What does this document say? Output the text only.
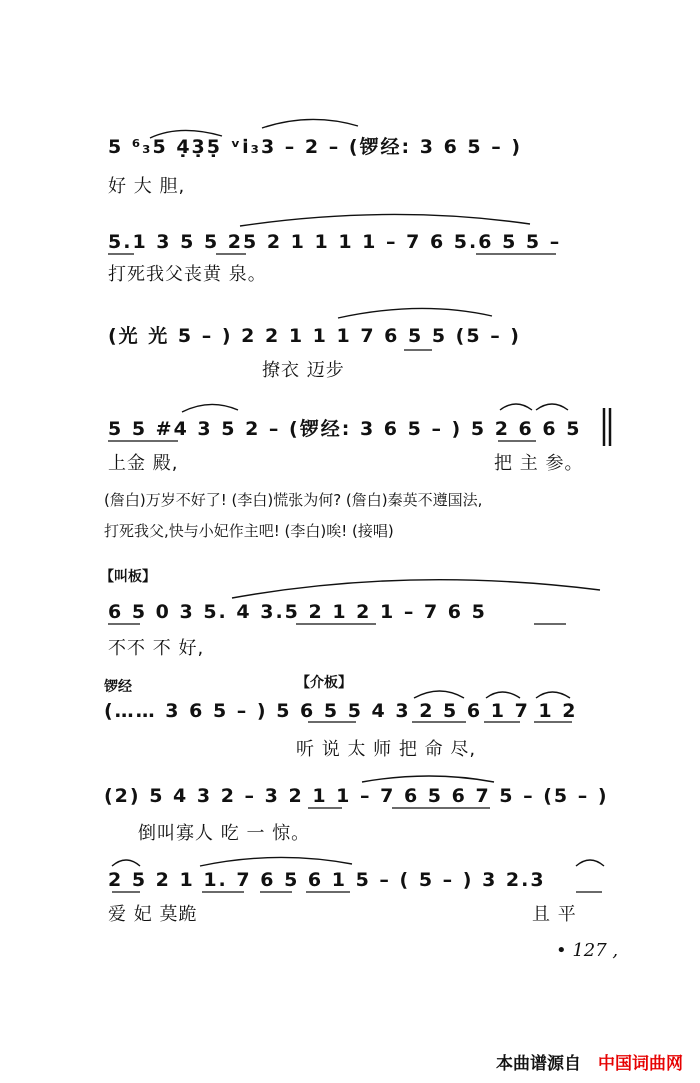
5 ⁶₃5 4̣3̣5̣ ᵛi̇₃3 – 2 – (锣经: 3 6 5 – )
好 大 胆,
5.1 3 5 5 25 2 1 1 1 1 – 7 6 5.6 5 5 –
打死我父丧黄 泉。
(光 光 5 – ) 2 2 1 1 1 7 6 5 5 (5 – )
撩衣 迈步
5 5 #4 3 5 2 – (锣经: 3 6 5 – ) 5 2 6 6 5
上金 殿,	把 主 参。
(詹白)万岁不好了! (李白)慌张为何? (詹白)秦英不遵国法,
打死我父,快与小妃作主吧! (李白)唉! (接唱)
【叫板】
6 5 0 3 5. 4 3.5 2 1 2 1 – 7 6 5
不不 不 好,
锣经	【介板】
(…… 3 6 5 – ) 5 6 5 5 4 3 2 5 6 1 7 1 2
听 说 太 师 把 命 尽,
(2) 5 4 3 2 – 3 2 1 1 – 7 6 5 6 7 5 – (5 – )
倒叫寡人 吃 一 惊。
2 5 2 1 1. 7 6 5 6 1 5 – ( 5 – ) 3 2.3
爱 妃 莫跪	且 平
• 127 ,
本曲谱源自 中国词曲网
